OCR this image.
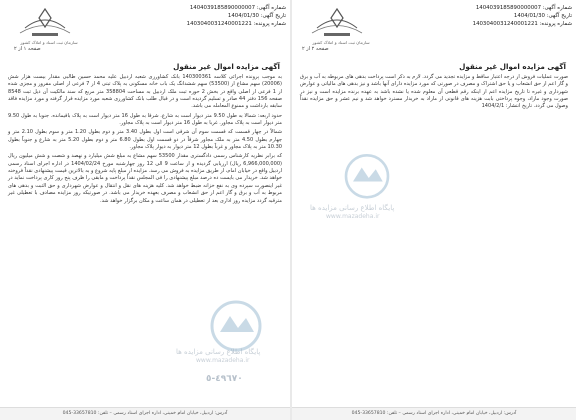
شماره آگهی: 1404039185890000007
تاریخ آگهی: 1404/01/30
شماره پرونده: 1403040031240001221
سازمان ثبت اسناد و املاک کشور
صفحه ۱ از ۲
آگهی مزایده اموال غیر منقول

به موجب پرونده اجرائی کلاسه 140300361 بانک کشاورزی شعبه اردبیل علیه محمد حسین طالبی مقدار بیست هزار شش (20006) سهم مشاع از (53500) سهم ششدانگ یک باب خانه مسکونی به پلاک ثبتی 4 از 7 فرعی از اصلی مفروز و مجزی شده از 1 فرعی از اصلی واقع در بخش 2 حوزه ثبت ملک اردبیل به مساحت 358804 متر مربع که سند مالکیت آن ذیل ثبت 8548 صفحه 156 دفتر 44 صادر و تسلیم گردیده است و در قبال طلب بانک کشاورزی شعبه مورد مزایده قرار گرفته و مورد مزایده فاقد سابقه بازداشت و ممنوع المعامله می باشد.

حدود اربعه: شمالا به طول 9.50 متر دیوار است به شارع. شرقا به طول 16 متر دیوار است به پلاک باقیمانده. جنوبا به طول 9.50 متر دیوار است به پلاک مجاور. غربا به طول 16 متر دیوار است به پلاک مجاور.

شمالاً در چهار قسمت که قسمت سوم آن شرقی است اول بطول 3.40 متر و دوم بطول 1.20 متر و سوم بطول 2.10 متر و چهارم بطول 4.50 متر به ملک مجاور شرقاً در دو قسمت اول بطول 6.80 متر و دوم بطول 5.20 متر به شارع و جنوباً بطول 10.30 متر به پلاک مجاور و غرباً بطول 12 متر دیوار به دیوار پلاک مجاور.

که برابر نظریه کارشناس رسمی دادگستری مقدار 53500 سهم مشاع به مبلغ شش میلیارد و نهصد و شصت و شش میلیون ریال (6,966,000,000 ریال) ارزیابی گردیده و از ساعت 9 الی 12 روز چهارشنبه مورخ 1404/02/24 در اداره اجرای اسناد رسمی اردبیل واقع در خیابان امام، از طریق مزایده به فروش می رسد. مزایده از مبلغ پایه شروع و به بالاترین قیمت پیشنهادی نقداً فروخته خواهد شد. خریدار می بایست ده درصد مبلغ پیشنهادی را فی المجلس نقداً پرداخت و مابقی را ظرف پنج روز کاری پرداخت نماید در غیر اینصورت سپرده وی به نفع خزانه ضبط خواهد شد. کلیه هزینه های نقل و انتقال و عوارض شهرداری و حق الثبت و بدهی های مربوط به آب و برق و گاز اعم از حق انشعاب و مصرف بعهده خریدار می باشد. در صورتیکه روز مزایده مصادف با تعطیلی غیر مترقبه گردد مزایده روز اداری بعد از تعطیلی در همان ساعت و مکان برگزار خواهد شد.

پایگاه اطلاع رسانی مزایده ها
www.mazadeha.ir
٤٩٦٧٠-٥
آدرس: اردبیل، خیابان امام خمینی، اداره اجرای اسناد رسمی – تلفن: 33657810-045
شماره آگهی: 1404039185890000007
تاریخ آگهی: 1404/01/30
شماره پرونده: 1403040031240001221
سازمان ثبت اسناد و املاک کشور
صفحه ۲ از ۲
آگهی مزایده اموال غیر منقول

صورت عملیات فروش از درجه اعتبار ساقط و مزایده تجدید می گردد. لازم به ذکر است پرداخت بدهی های مربوطه به آب و برق و گاز اعم از حق انشعاب و یا حق اشتراک و مصرف در صورتی که مورد مزایده دارای آنها باشد و نیز بدهی های مالیاتی و عوارض شهرداری و غیره تا تاریخ مزایده اعم از اینکه رقم قطعی آن معلوم شده یا نشده باشد به عهده برنده مزایده است و نیز در صورت وجود مازاد، وجوه پرداختی بابت هزینه های قانونی از مازاد به خریدار مسترد خواهد شد و نیم عشر و حق مزایده نقداً وصول می گردد. تاریخ انتشار: 1404/2/1

پایگاه اطلاع رسانی مزایده ها
www.mazadeha.ir
آدرس: اردبیل، خیابان امام خمینی، اداره اجرای اسناد رسمی – تلفن: 33657810-045
